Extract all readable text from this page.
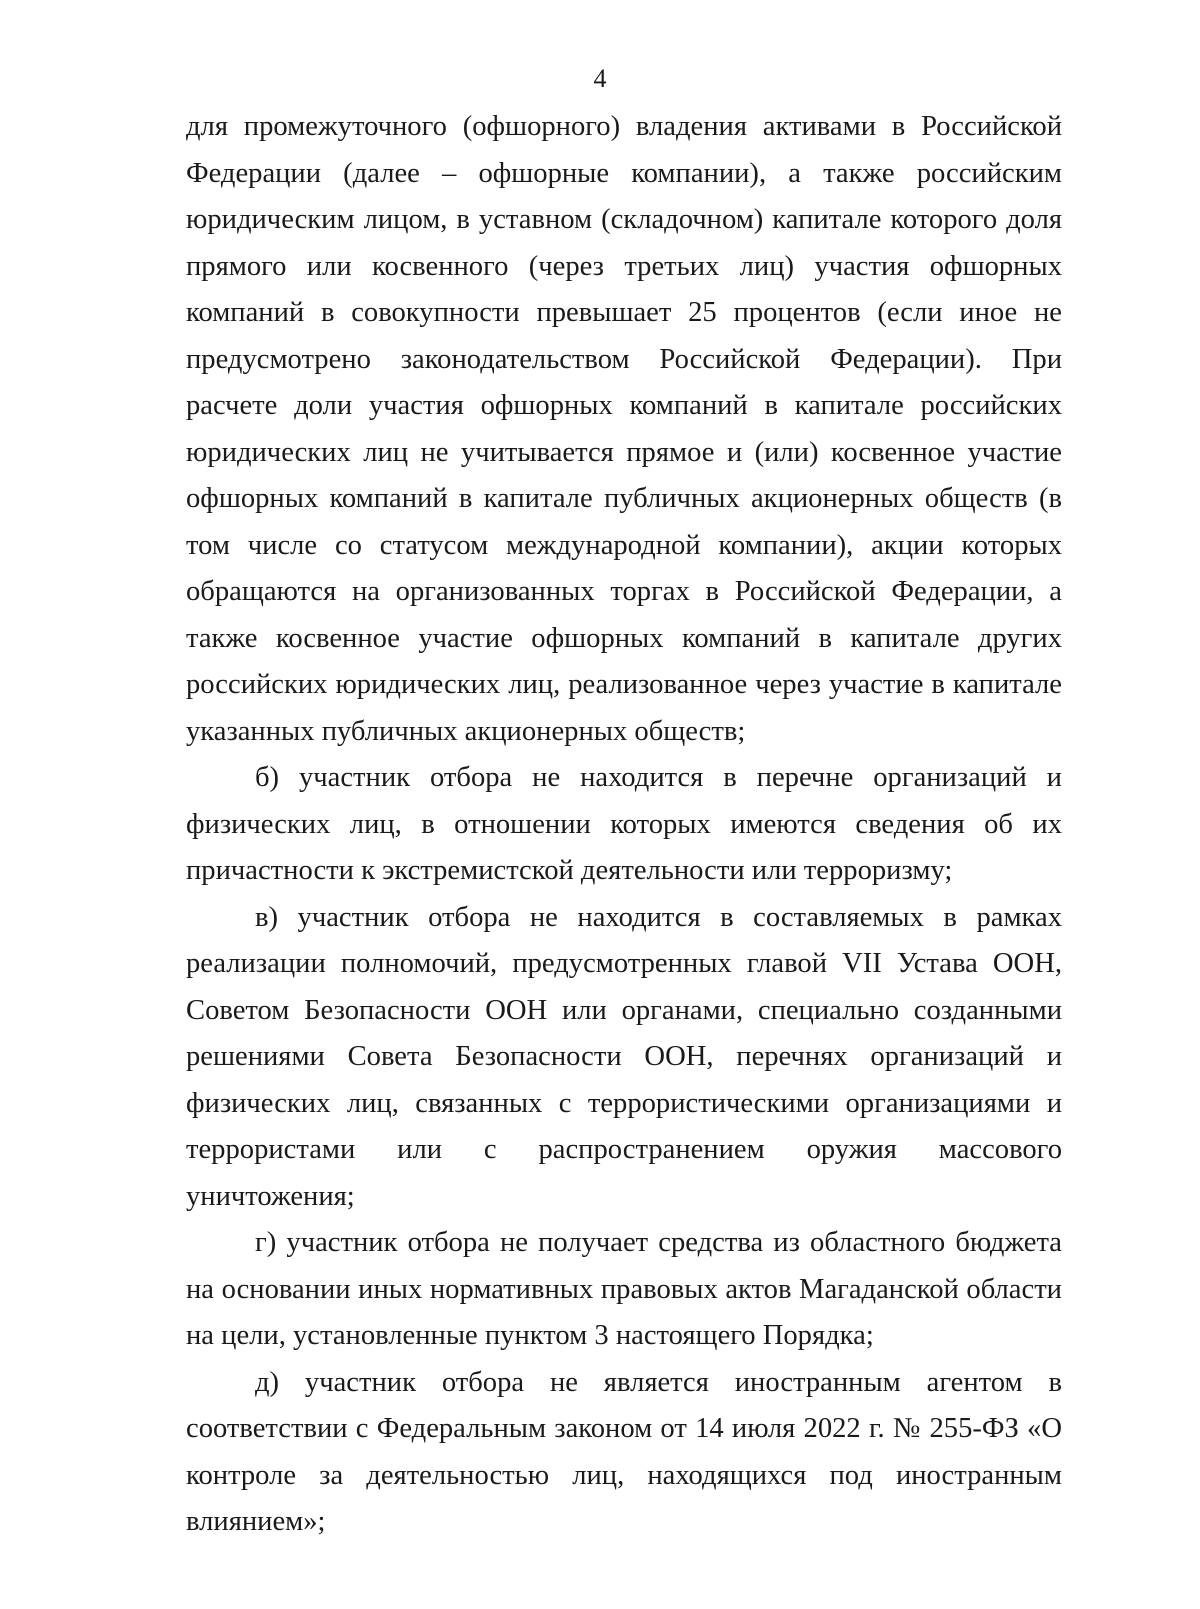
4

для промежуточного (офшорного) владения активами в Российской Федерации (далее – офшорные компании), а также российским юридическим лицом, в уставном (складочном) капитале которого доля прямого или косвенного (через третьих лиц) участия офшорных компаний в совокупности превышает 25 процентов (если иное не предусмотрено законодательством Российской Федерации). При расчете доли участия офшорных компаний в капитале российских юридических лиц не учитывается прямое и (или) косвенное участие офшорных компаний в капитале публичных акционерных обществ (в том числе со статусом международной компании), акции которых обращаются на организованных торгах в Российской Федерации, а также косвенное участие офшорных компаний в капитале других российских юридических лиц, реализованное через участие в капитале указанных публичных акционерных обществ;

б) участник отбора не находится в перечне организаций и физических лиц, в отношении которых имеются сведения об их причастности к экстремистской деятельности или терроризму;

в) участник отбора не находится в составляемых в рамках реализации полномочий, предусмотренных главой VII Устава ООН, Советом Безопасности ООН или органами, специально созданными решениями Совета Безопасности ООН, перечнях организаций и физических лиц, связанных с террористическими организациями и террористами или с распространением оружия массового уничтожения;

г) участник отбора не получает средства из областного бюджета на основании иных нормативных правовых актов Магаданской области на цели, установленные пунктом 3 настоящего Порядка;

д) участник отбора не является иностранным агентом в соответствии с Федеральным законом от 14 июля 2022 г. № 255-ФЗ «О контроле за деятельностью лиц, находящихся под иностранным влиянием»;
